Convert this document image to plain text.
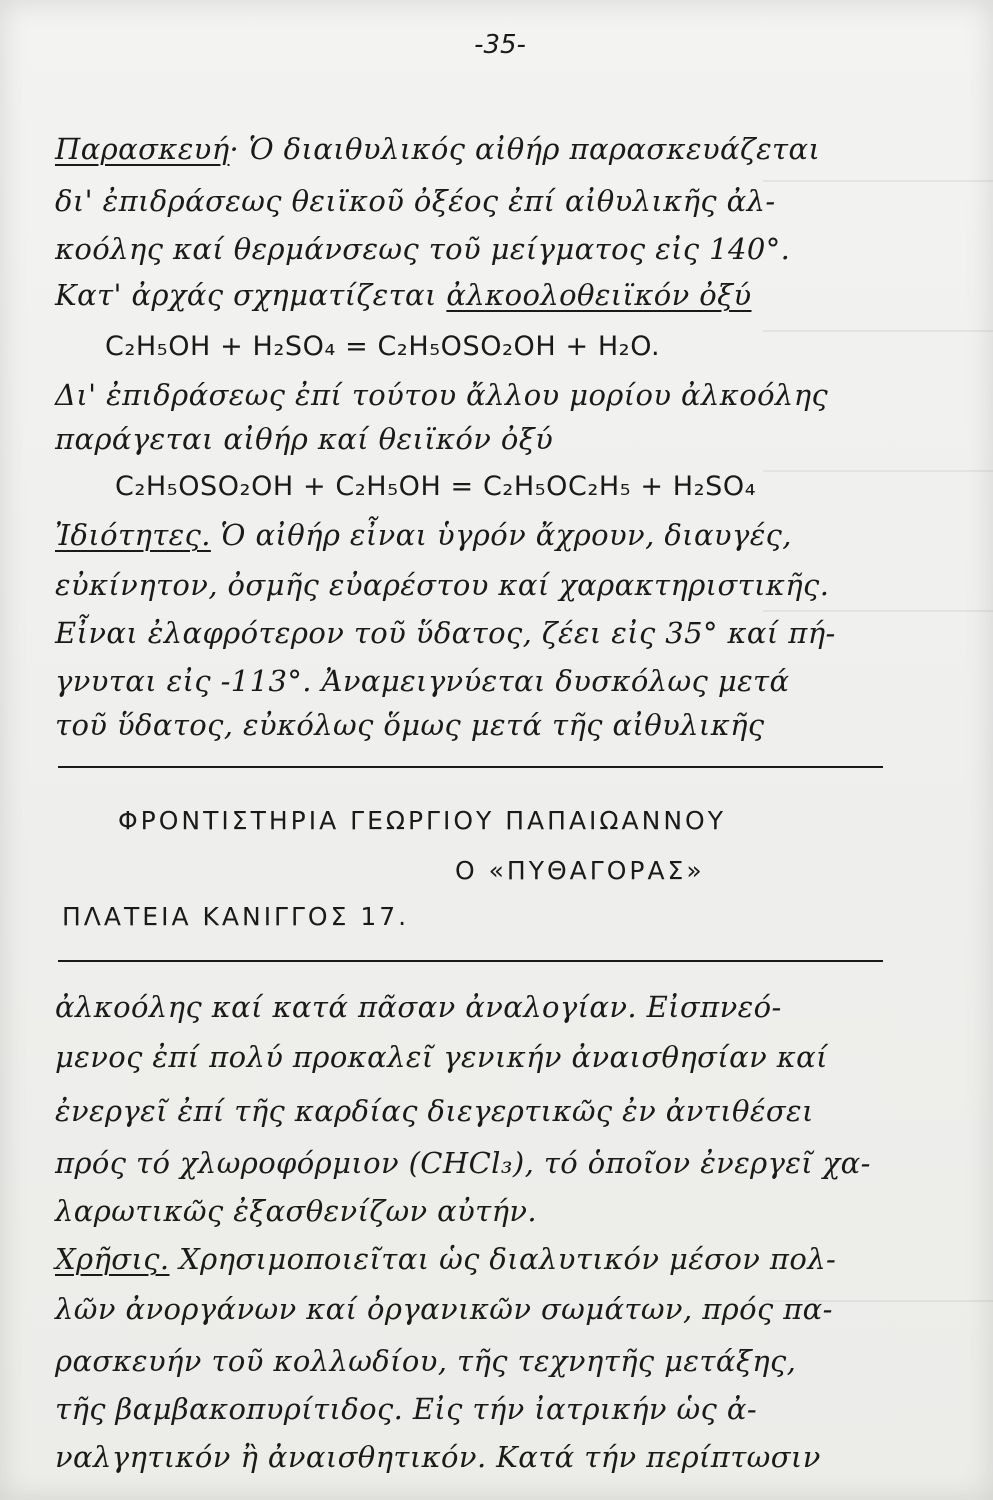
-35-
Παρασκευή· Ὁ διαιθυλικός αἰθήρ παρασκευάζεται
δι' ἐπιδράσεως θειϊκοῦ ὀξέος ἐπί αἰθυλικῆς ἀλ-
κοόλης καί θερμάνσεως τοῦ μείγματος εἰς 140°.
Κατ' ἀρχάς σχηματίζεται ἀλκοολοθειϊκόν ὀξύ
C₂H₅OH + H₂SO₄ = C₂H₅OSO₂OH + H₂O.
Δι' ἐπιδράσεως ἐπί τούτου ἄλλου μορίου ἀλκοόλης
παράγεται αἰθήρ καί θειϊκόν ὀξύ
C₂H₅OSO₂OH + C₂H₅OH = C₂H₅OC₂H₅ + H₂SO₄
Ἰδιότητες. Ὁ αἰθήρ εἶναι ὑγρόν ἄχρουν, διαυγές,
εὐκίνητον, ὀσμῆς εὐαρέστου καί χαρακτηριστικῆς.
Εἶναι ἐλαφρότερον τοῦ ὕδατος, ζέει εἰς 35° καί πή-
γνυται εἰς -113°. Ἀναμειγνύεται δυσκόλως μετά
τοῦ ὕδατος, εὐκόλως ὅμως μετά τῆς αἰθυλικῆς
ΦΡΟΝΤΙΣΤΗΡΙΑ ΓΕΩΡΓΙΟΥ ΠΑΠΑΙΩΑΝΝΟΥ
Ο «ΠΥΘΑΓΟΡΑΣ»
ΠΛΑΤΕΙΑ ΚΑΝΙΓΓΟΣ 17.
ἀλκοόλης καί κατά πᾶσαν ἀναλογίαν. Εἰσπνεό-
μενος ἐπί πολύ προκαλεῖ γενικήν ἀναισθησίαν καί
ἐνεργεῖ ἐπί τῆς καρδίας διεγερτικῶς ἐν ἀντιθέσει
πρός τό χλωροφόρμιον (CHCl₃), τό ὁποῖον ἐνεργεῖ χα-
λαρωτικῶς ἐξασθενίζων αὐτήν.
Χρῆσις. Χρησιμοποιεῖται ὡς διαλυτικόν μέσον πολ-
λῶν ἀνοργάνων καί ὀργανικῶν σωμάτων, πρός πα-
ρασκευήν τοῦ κολλωδίου, τῆς τεχνητῆς μετάξης,
τῆς βαμβακοπυρίτιδος. Εἰς τήν ἰατρικήν ὡς ἀ-
ναλγητικόν ἢ ἀναισθητικόν. Κατά τήν περίπτωσιν
